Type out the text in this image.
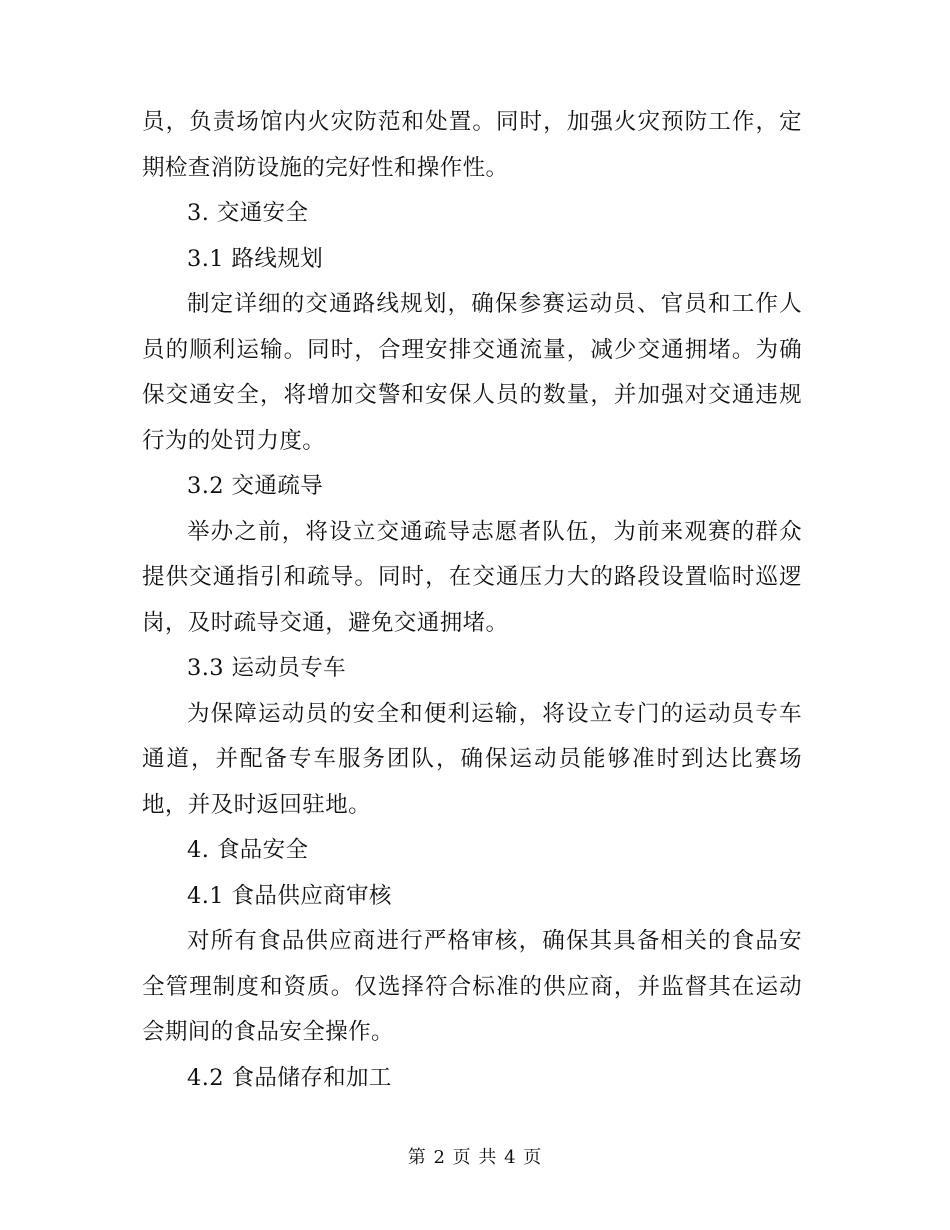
员，负责场馆内火灾防范和处置。同时，加强火灾预防工作，定期检查消防设施的完好性和操作性。

3. 交通安全

3.1 路线规划

制定详细的交通路线规划，确保参赛运动员、官员和工作人员的顺利运输。同时，合理安排交通流量，减少交通拥堵。为确保交通安全，将增加交警和安保人员的数量，并加强对交通违规行为的处罚力度。

3.2 交通疏导

举办之前，将设立交通疏导志愿者队伍，为前来观赛的群众提供交通指引和疏导。同时，在交通压力大的路段设置临时巡逻岗，及时疏导交通，避免交通拥堵。

3.3 运动员专车

为保障运动员的安全和便利运输，将设立专门的运动员专车通道，并配备专车服务团队，确保运动员能够准时到达比赛场地，并及时返回驻地。

4. 食品安全

4.1 食品供应商审核

对所有食品供应商进行严格审核，确保其具备相关的食品安全管理制度和资质。仅选择符合标准的供应商，并监督其在运动会期间的食品安全操作。

4.2 食品储存和加工

第 2 页 共 4 页
